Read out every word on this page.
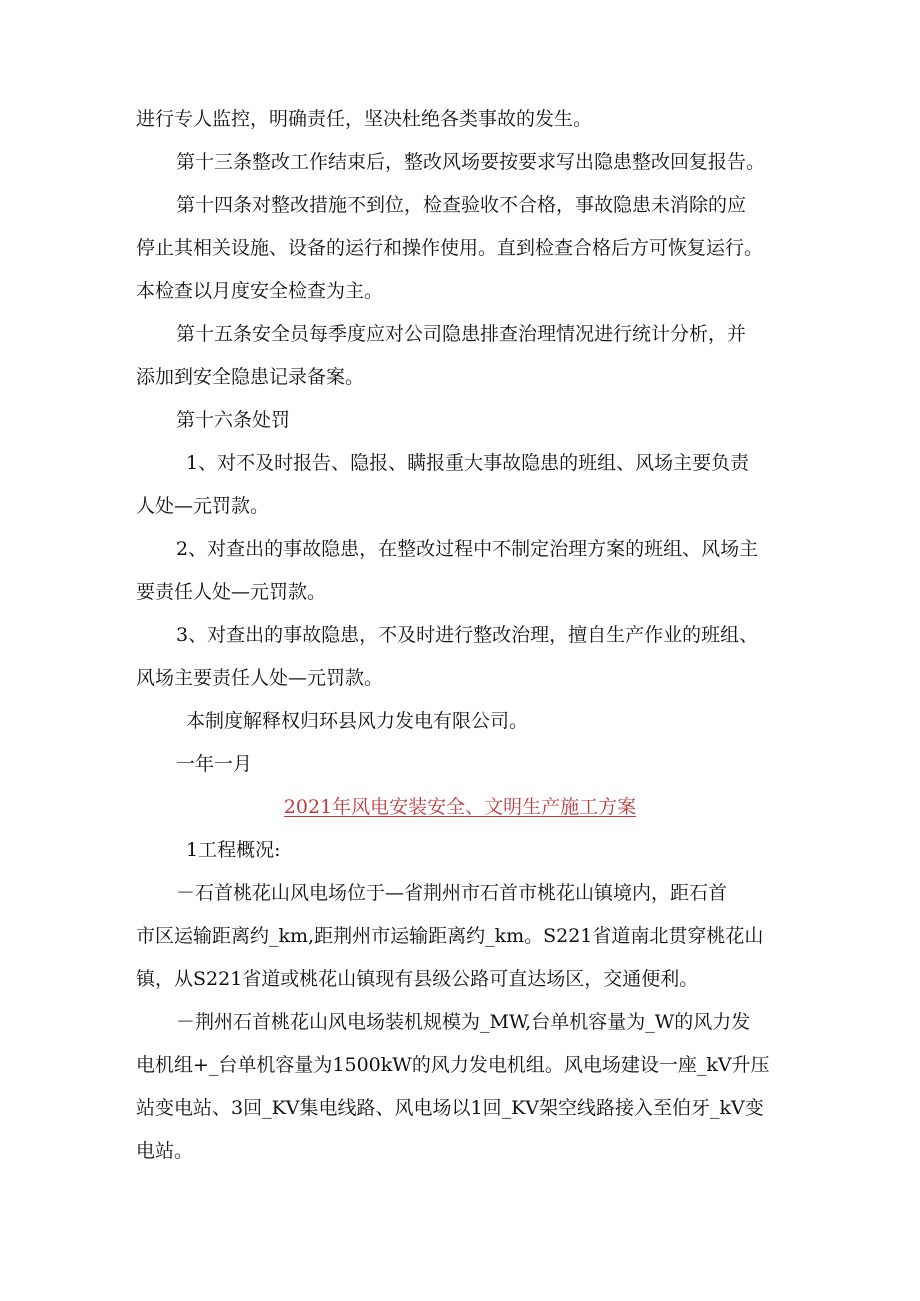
进行专人监控，明确责任，坚决杜绝各类事故的发生。
第十三条整改工作结束后，整改风场要按要求写出隐患整改回复报告。
第十四条对整改措施不到位，检查验收不合格，事故隐患未消除的应
停止其相关设施、设备的运行和操作使用。直到检查合格后方可恢复运行。
本检查以月度安全检查为主。
第十五条安全员每季度应对公司隐患排查治理情况进行统计分析，并
添加到安全隐患记录备案。
第十六条处罚
1、对不及时报告、隐报、瞒报重大事故隐患的班组、风场主要负责
人处—元罚款。
2、对查出的事故隐患，在整改过程中不制定治理方案的班组、风场主
要责任人处—元罚款。
3、对查出的事故隐患，不及时进行整改治理，擅自生产作业的班组、
风场主要责任人处—元罚款。
本制度解释权归环县风力发电有限公司。
一年一月
2021年风电安装安全、文明生产施工方案
1工程概况:
－石首桃花山风电场位于—省荆州市石首市桃花山镇境内，距石首
市区运输距离约_km,距荆州市运输距离约_km。S221省道南北贯穿桃花山
镇，从S221省道或桃花山镇现有县级公路可直达场区，交通便利。
－荆州石首桃花山风电场装机规模为_MW,台单机容量为_W的风力发
电机组+_台单机容量为1500kW的风力发电机组。风电场建设一座_kV升压
站变电站、3回_KV集电线路、风电场以1回_KV架空线路接入至伯牙_kV变
电站。
